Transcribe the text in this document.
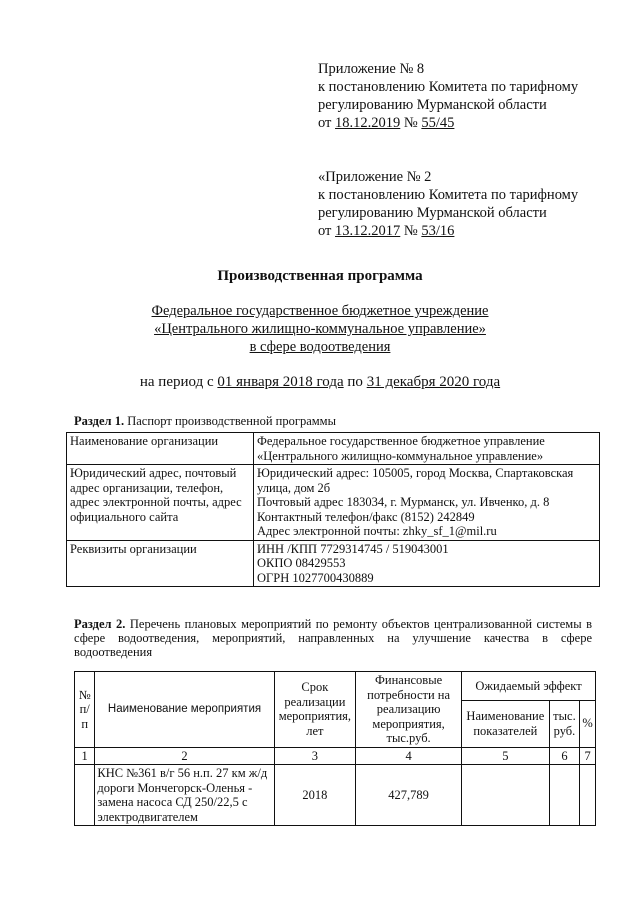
Приложение № 8
к постановлению Комитета по тарифному
регулированию Мурманской области
от 18.12.2019 № 55/45
«Приложение № 2
к постановлению Комитета по тарифному
регулированию Мурманской области
от 13.12.2017 № 53/16
Производственная программа
Федеральное государственное бюджетное учреждение
«Центрального жилищно-коммунальное управление»
в сфере водоотведения
на период с 01 января 2018 года по 31 декабря 2020 года
Раздел 1. Паспорт производственной программы
Наименование организации	Федеральное государственное бюджетное управление
«Центрального жилищно-коммунальное управление»

Юридический адрес, почтовый адрес организации, телефон, адрес электронной почты, адрес официального сайта	Юридический адрес: 105005, город Москва, Спартаковская улица, дом 2б
Почтовый адрес 183034, г. Мурманск, ул. Ивченко, д. 8
Контактный телефон/факс (8152) 242849
Адрес электронной почты: zhky_sf_1@mil.ru

Реквизиты организации	ИНН /КПП 7729314745 / 519043001
ОКПО 08429553
ОГРН 1027700430889
Раздел 2. Перечень плановых мероприятий по ремонту объектов централизованной системы в сфере водоотведения, мероприятий, направленных на улучшение качества в сфере водоотведения
№ п/п	Наименование мероприятия	Срок реализации мероприятия, лет	Финансовые потребности на реализацию мероприятия, тыс.руб.	Ожидаемый эффект		
				Наименование показателей	тыс. руб.	%
1	2	3	4	5	6	7
	КНС №361 в/г 56 н.п. 27 км ж/д дороги Мончегорск-Оленья - замена насоса СД 250/22,5 с электродвигателем	2018	427,789			
